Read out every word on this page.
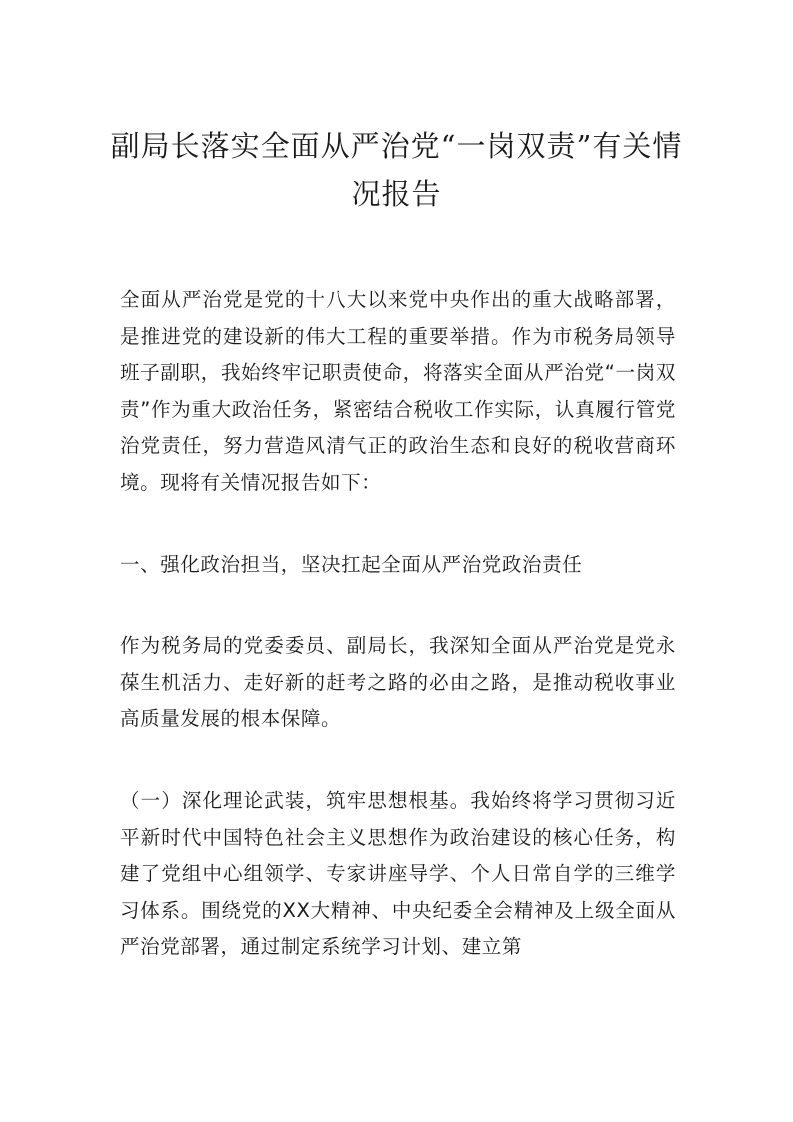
副局长落实全面从严治党“一岗双责”有关情况报告

全面从严治党是党的十八大以来党中央作出的重大战略部署，是推进党的建设新的伟大工程的重要举措。作为市税务局领导班子副职，我始终牢记职责使命，将落实全面从严治党“一岗双责”作为重大政治任务，紧密结合税收工作实际，认真履行管党治党责任，努力营造风清气正的政治生态和良好的税收营商环境。现将有关情况报告如下：

一、强化政治担当，坚决扛起全面从严治党政治责任

作为税务局的党委委员、副局长，我深知全面从严治党是党永葆生机活力、走好新的赶考之路的必由之路，是推动税收事业高质量发展的根本保障。

（一）深化理论武装，筑牢思想根基。我始终将学习贯彻习近平新时代中国特色社会主义思想作为政治建设的核心任务，构建了党组中心组领学、专家讲座导学、个人日常自学的三维学习体系。围绕党的XX大精神、中央纪委全会精神及上级全面从严治党部署，通过制定系统学习计划、建立第
